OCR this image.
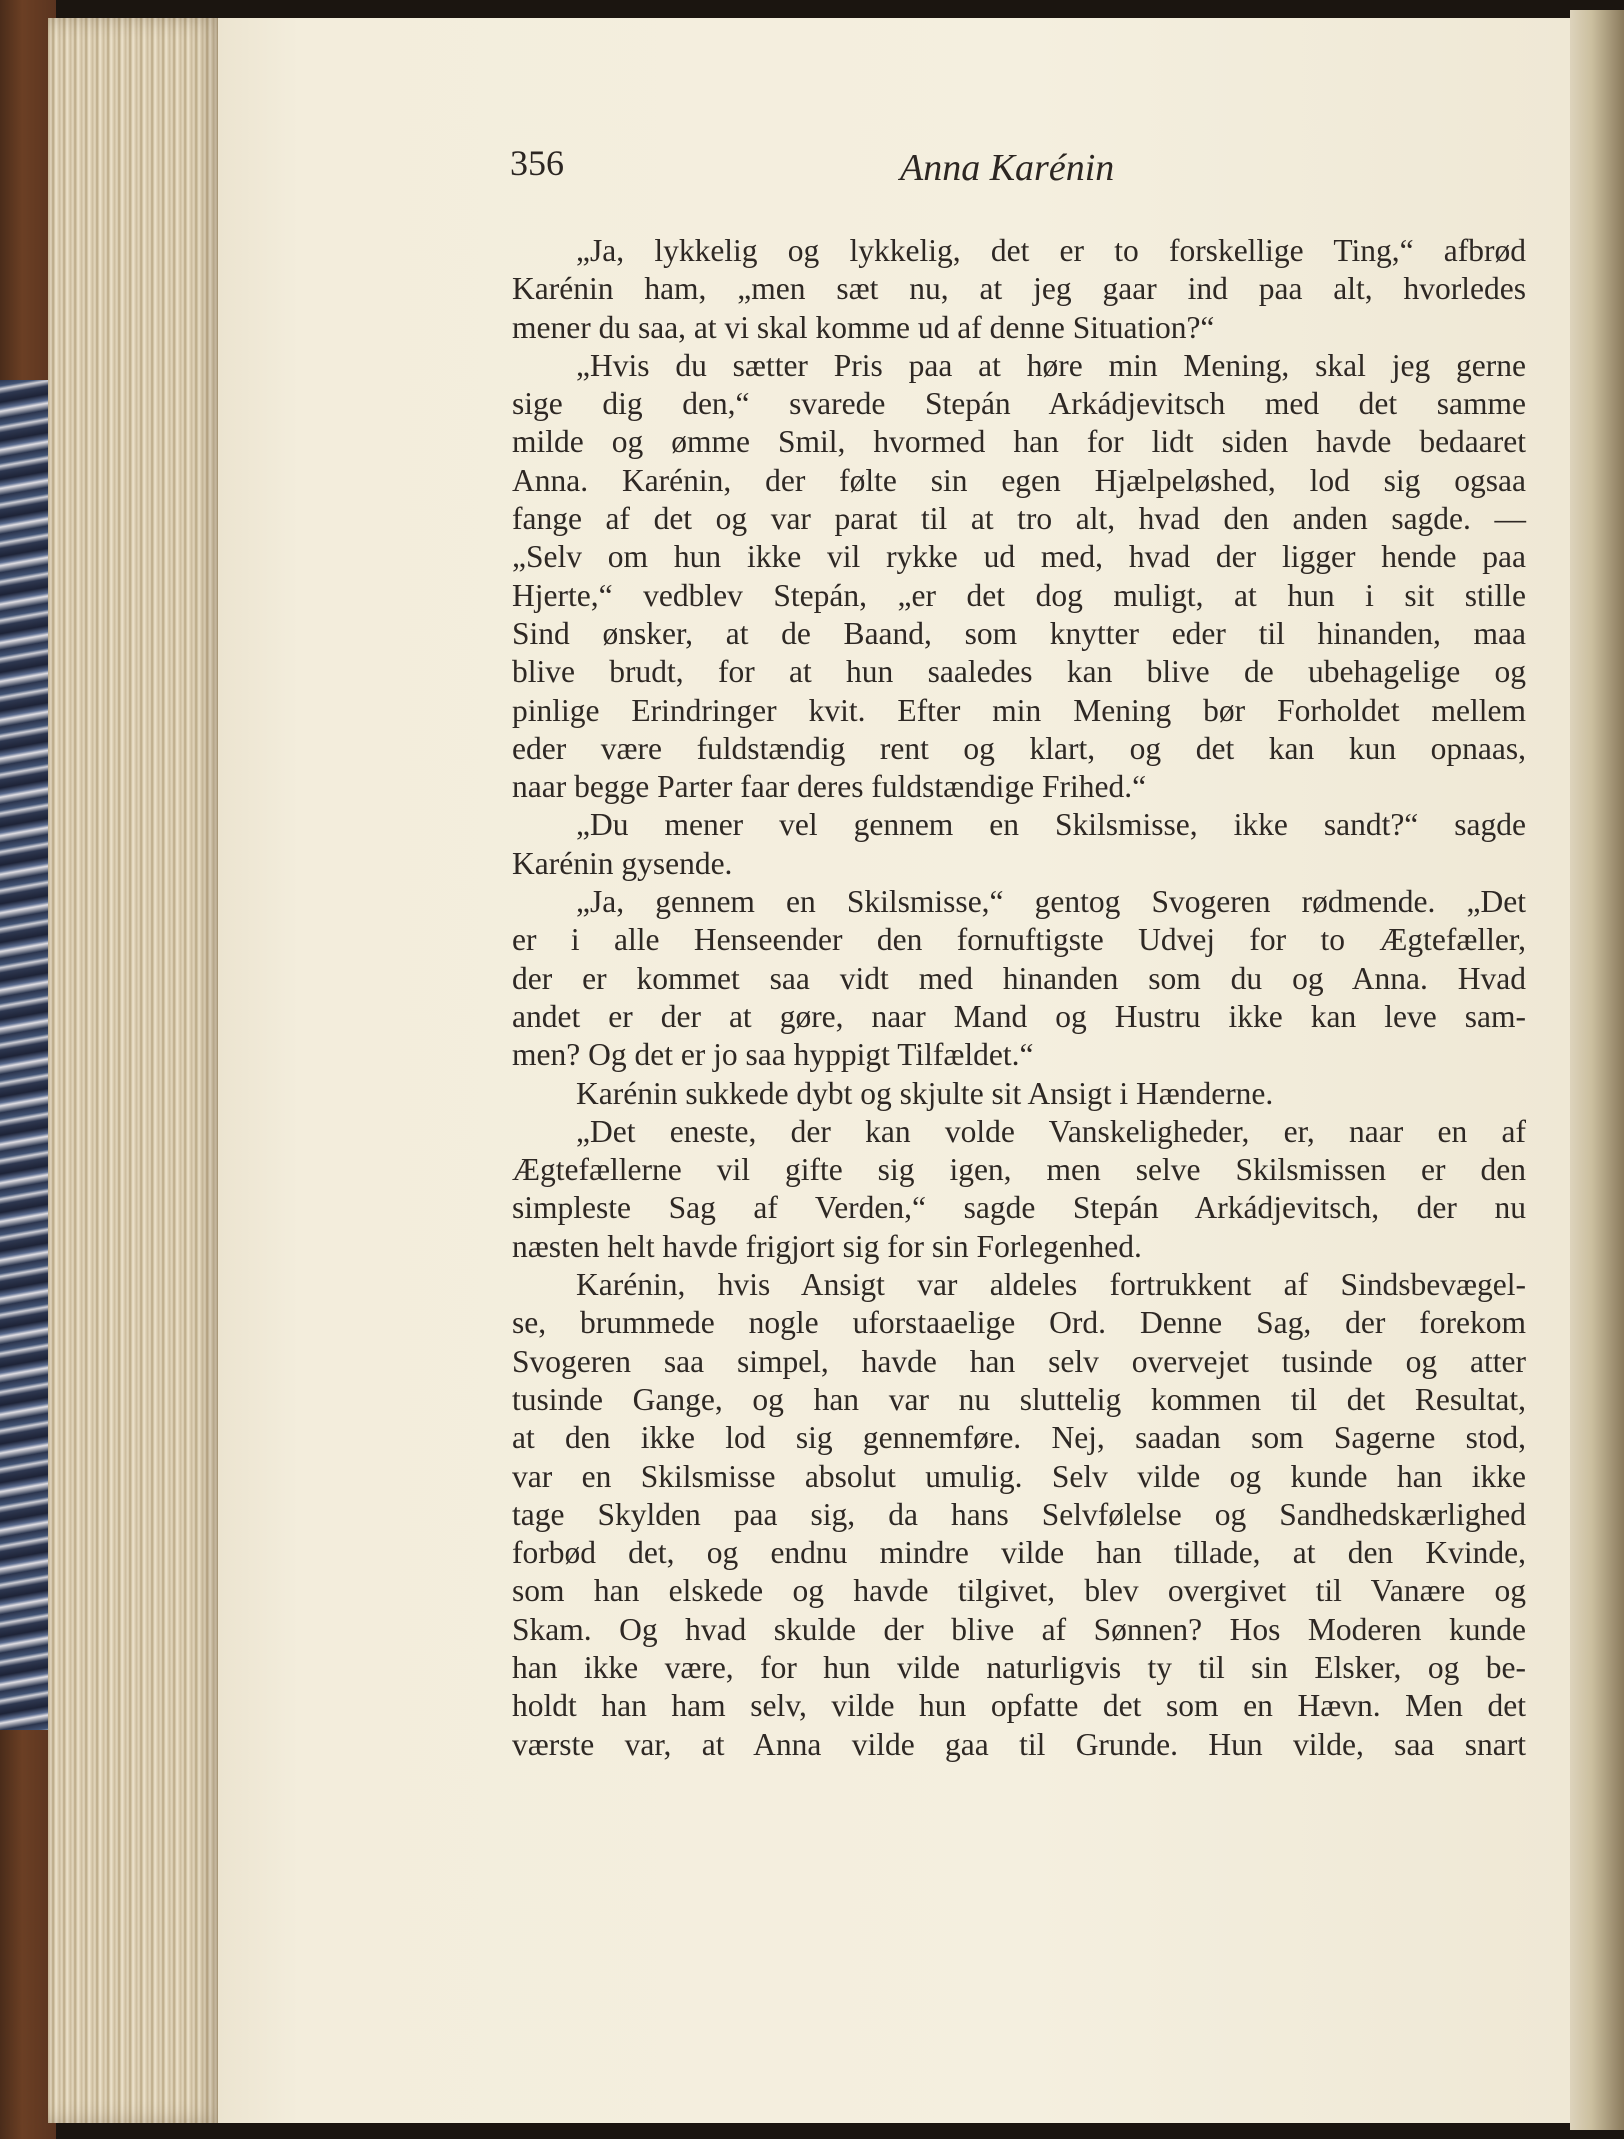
356	Anna Karénin
„Ja, lykkelig og lykkelig, det er to forskellige Ting,“ afbrød
Karénin ham, „men sæt nu, at jeg gaar ind paa alt, hvorledes
mener du saa, at vi skal komme ud af denne Situation?“
„Hvis du sætter Pris paa at høre min Mening, skal jeg gerne
sige dig den,“ svarede Stepán Arkádjevitsch med det samme
milde og ømme Smil, hvormed han for lidt siden havde bedaaret
Anna. Karénin, der følte sin egen Hjælpeløshed, lod sig ogsaa
fange af det og var parat til at tro alt, hvad den anden sagde. —
„Selv om hun ikke vil rykke ud med, hvad der ligger hende paa
Hjerte,“ vedblev Stepán, „er det dog muligt, at hun i sit stille
Sind ønsker, at de Baand, som knytter eder til hinanden, maa
blive brudt, for at hun saaledes kan blive de ubehagelige og
pinlige Erindringer kvit. Efter min Mening bør Forholdet mellem
eder være fuldstændig rent og klart, og det kan kun opnaas,
naar begge Parter faar deres fuldstændige Frihed.“
„Du mener vel gennem en Skilsmisse, ikke sandt?“ sagde
Karénin gysende.
„Ja, gennem en Skilsmisse,“ gentog Svogeren rødmende. „Det
er i alle Henseender den fornuftigste Udvej for to Ægtefæller,
der er kommet saa vidt med hinanden som du og Anna. Hvad
andet er der at gøre, naar Mand og Hustru ikke kan leve sam-
men? Og det er jo saa hyppigt Tilfældet.“
Karénin sukkede dybt og skjulte sit Ansigt i Hænderne.
„Det eneste, der kan volde Vanskeligheder, er, naar en af
Ægtefællerne vil gifte sig igen, men selve Skilsmissen er den
simpleste Sag af Verden,“ sagde Stepán Arkádjevitsch, der nu
næsten helt havde frigjort sig for sin Forlegenhed.
Karénin, hvis Ansigt var aldeles fortrukkent af Sindsbevægel-
se, brummede nogle uforstaaelige Ord. Denne Sag, der forekom
Svogeren saa simpel, havde han selv overvejet tusinde og atter
tusinde Gange, og han var nu sluttelig kommen til det Resultat,
at den ikke lod sig gennemføre. Nej, saadan som Sagerne stod,
var en Skilsmisse absolut umulig. Selv vilde og kunde han ikke
tage Skylden paa sig, da hans Selvfølelse og Sandhedskærlighed
forbød det, og endnu mindre vilde han tillade, at den Kvinde,
som han elskede og havde tilgivet, blev overgivet til Vanære og
Skam. Og hvad skulde der blive af Sønnen? Hos Moderen kunde
han ikke være, for hun vilde naturligvis ty til sin Elsker, og be-
holdt han ham selv, vilde hun opfatte det som en Hævn. Men det
værste var, at Anna vilde gaa til Grunde. Hun vilde, saa snart
